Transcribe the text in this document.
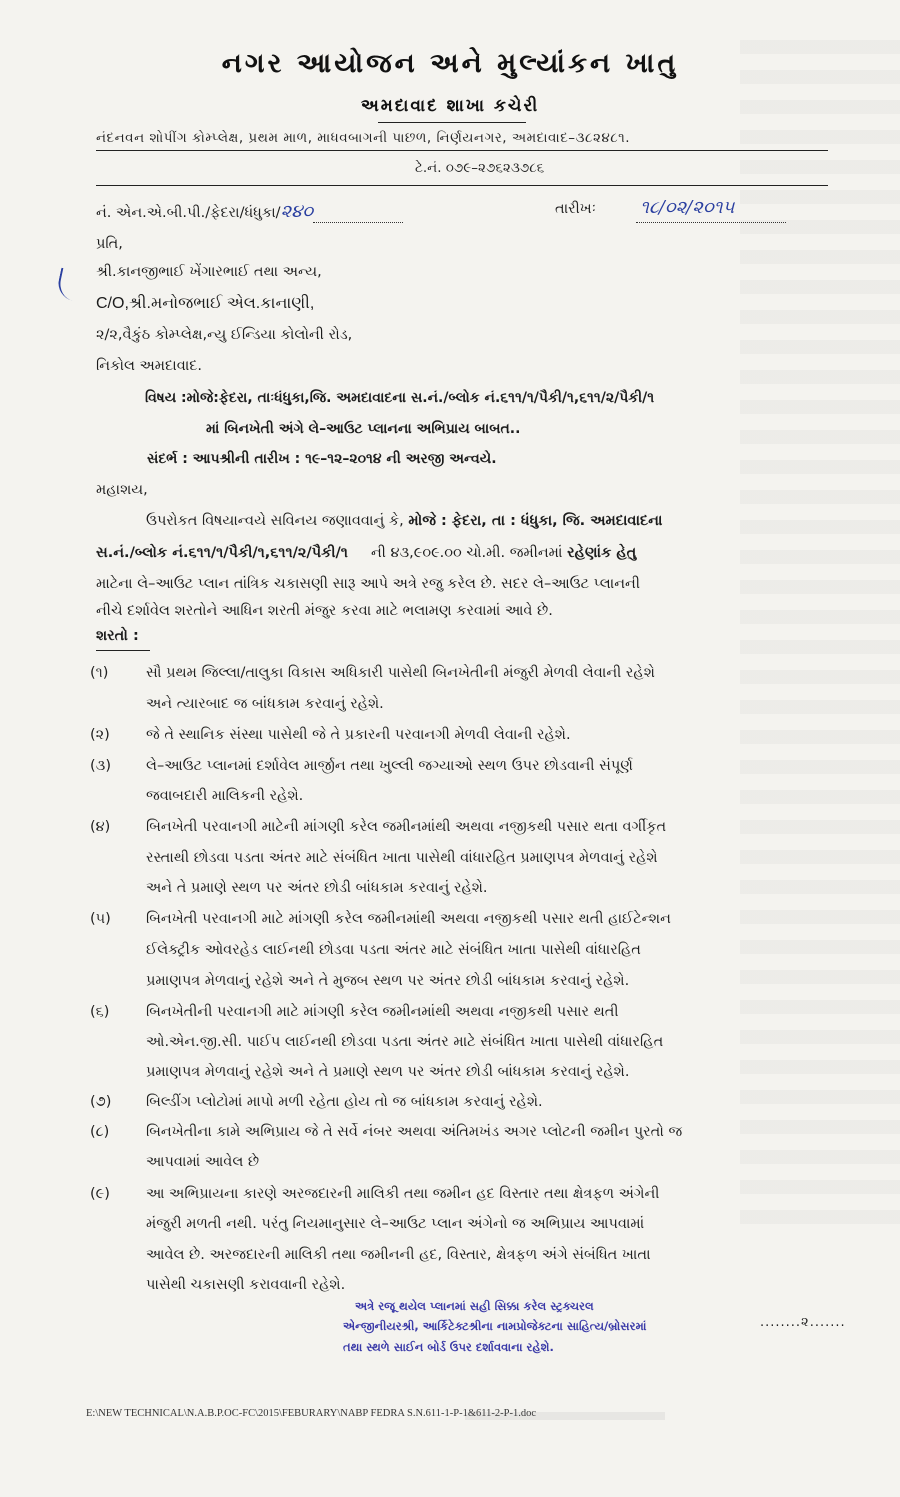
નગર આયોજન અને મુલ્યાંકન ખાતુ
અમદાવાદ શાખા કચેરી
નંદનવન શોપીંગ કોમ્પ્લેક્ષ, પ્રથમ માળ, માધવબાગની પાછળ, નિર્ણયનગર, અમદાવાદ–૩૮૨૪૮૧.
ટે.નં. ૦૭૯–૨૭૬૨૩૭૮૬
નં. એન.એ.બી.પી./ફેદરા/ધંધુકા/૨૪૦	તારીખઃ ૧૮/૦૨/૨૦૧૫
પ્રતિ,
શ્રી.કાનજીભાઈ ખેંગારભાઈ તથા અન્ય,
C/O,શ્રી.મનોજભાઈ એલ.કાનાણી,
૨/૨,વૈકુંઠ કોમ્પ્લેક્ષ,ન્યુ ઈન્ડિયા કોલોની રોડ,
નિકોલ અમદાવાદ.
વિષય :મોજે:ફેદરા, તાઃધંધુકા,જિ. અમદાવાદના સ.નં./બ્લોક નં.૬૧૧/૧/પૈકી/૧,૬૧૧/૨/પૈકી/૧
માં બિનખેતી અંગે લે–આઉટ પ્લાનના અભિપ્રાય બાબત..
સંદર્ભ : આપશ્રીની તારીખ : ૧૯–૧૨–૨૦૧૪ ની અરજી અન્વયે.
મહાશય,
ઉપરોકત વિષયાન્વયે સવિનય જણાવવાનું કે, મોજે : ફેદરા, તા : ધંધુકા, જિ. અમદાવાદના
સ.નં./બ્લોક નં.૬૧૧/૧/પૈકી/૧,૬૧૧/૨/પૈકી/૧ ની ૪૩,૯૦૯.૦૦ ચો.મી. જમીનમાં રહેણાંક હેતુ
માટેના લે–આઉટ પ્લાન તાંત્રિક ચકાસણી સારૂ આપે અત્રે રજુ કરેલ છે. સદર લે–આઉટ પ્લાનની
નીચે દર્શાવેલ શરતોને આધિન શરતી મંજુર કરવા માટે ભલામણ કરવામાં આવે છે.
શરતો :
(૧)	સૌ પ્રથમ જિલ્લા/તાલુકા વિકાસ અધિકારી પાસેથી બિનખેતીની મંજુરી મેળવી લેવાની રહેશે
અને ત્યારબાદ જ બાંધકામ કરવાનું રહેશે.
(૨) જે તે સ્થાનિક સંસ્થા પાસેથી જે તે પ્રકારની પરવાનગી મેળવી લેવાની રહેશે.
(૩) લે–આઉટ પ્લાનમાં દર્શાવેલ માર્જીન તથા ખુલ્લી જગ્યાઓ સ્થળ ઉપર છોડવાની સંપૂર્ણ
જવાબદારી માલિકની રહેશે.
(૪) બિનખેતી પરવાનગી માટેની માંગણી કરેલ જમીનમાંથી અથવા નજીકથી પસાર થતા વર્ગીકૃત
રસ્તાથી છોડવા પડતા અંતર માટે સંબંધિત ખાતા પાસેથી વાંધારહિત પ્રમાણપત્ર મેળવાનું રહેશે
અને તે પ્રમાણે સ્થળ પર અંતર છોડી બાંધકામ કરવાનું રહેશે.
(૫) બિનખેતી પરવાનગી માટે માંગણી કરેલ જમીનમાંથી અથવા નજીકથી પસાર થતી હાઈટેન્શન
ઈલેક્ટ્રીક ઓવરહેડ લાઈનથી છોડવા પડતા અંતર માટે સંબંધિત ખાતા પાસેથી વાંધારહિત
પ્રમાણપત્ર મેળવાનું રહેશે અને તે મુજબ સ્થળ પર અંતર છોડી બાંધકામ કરવાનું રહેશે.
(૬)	બિનખેતીની પરવાનગી માટે માંગણી કરેલ જમીનમાંથી અથવા નજીકથી પસાર થતી
ઓ.એન.જી.સી. પાઈપ લાઈનથી છોડવા પડતા અંતર માટે સંબંધિત ખાતા પાસેથી વાંધારહિત
પ્રમાણપત્ર મેળવાનું રહેશે અને તે પ્રમાણે સ્થળ પર અંતર છોડી બાંધકામ કરવાનું રહેશે.
(૭) બિલ્ડીંગ પ્લોટોમાં માપો મળી રહેતા હોય તો જ બાંધકામ કરવાનું રહેશે.
(૮)	બિનખેતીના કામે અભિપ્રાય જે તે સર્વે નંબર અથવા અંતિમખંડ અગર પ્લોટની જમીન પુરતો જ
આપવામાં આવેલ છે
(૯) આ અભિપ્રાયના કારણે અરજદારની માલિકી તથા જમીન હદ વિસ્તાર તથા ક્ષેત્રફળ અંગેની
મંજુરી મળતી નથી. પરંતુ નિયમાનુસાર લે–આઉટ પ્લાન અંગેનો જ અભિપ્રાય આપવામાં
આવેલ છે. અરજદારની માલિકી તથા જમીનની હદ, વિસ્તાર, ક્ષેત્રફળ અંગે સંબંધિત ખાતા
પાસેથી ચકાસણી કરાવવાની રહેશે.
અત્રે રજૂ થયેલ પ્લાનમાં સહી સિક્કા કરેલ સ્ટ્રક્ચરલ
એન્જીનીયરશ્રી, આર્કિટેક્ટશ્રીના નામપ્રોજેક્ટના સાહિત્ય/બ્રોસરમાં
તથા સ્થળે સાઈન બોર્ડ ઉપર દર્શાવવાના રહેશે.
........૨.......
E:\NEW TECHNICAL\N.A.B.P.OC-FC\2015\FEBURARY\NABP FEDRA S.N.611-1-P-1&611-2-P-1.doc
